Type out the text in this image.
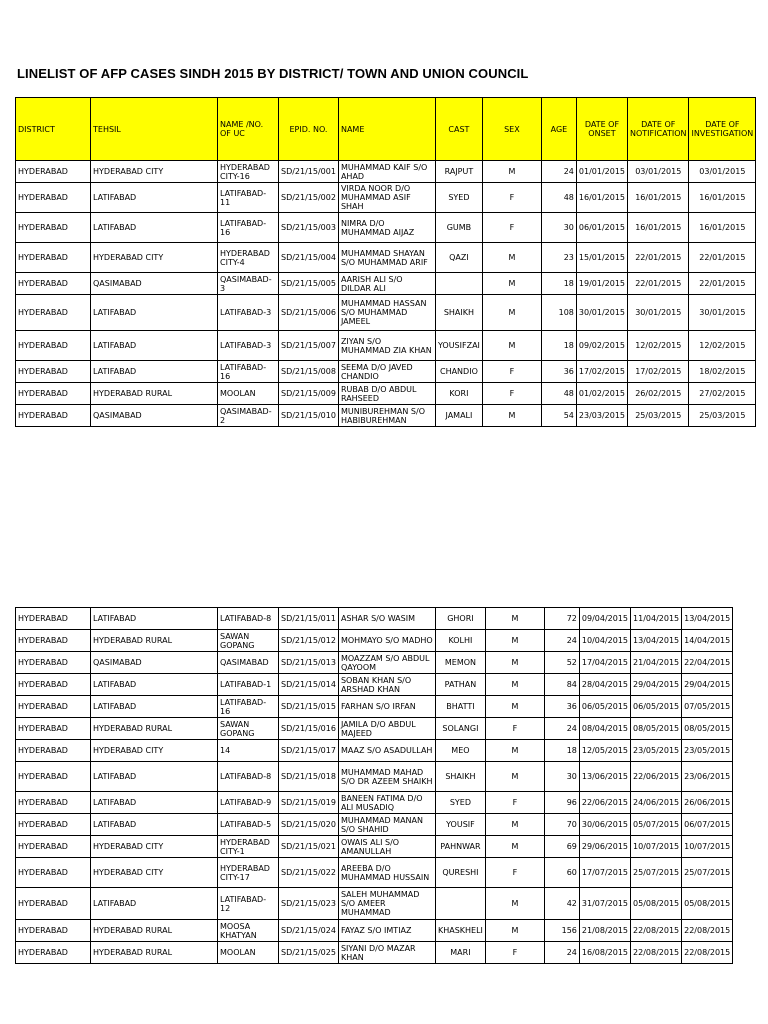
LINELIST OF AFP CASES SINDH 2015 BY DISTRICT/ TOWN AND UNION COUNCIL
DISTRICT	TEHSIL	NAME /NO. OF UC	EPID. NO.	NAME	CAST	SEX	AGE	DATE OF ONSET	DATE OF NOTIFICATION	DATE OF INVESTIGATION
HYDERABAD	HYDERABAD CITY	HYDERABAD CITY-16	SD/21/15/001	MUHAMMAD KAIF S/O AHAD	RAJPUT	M	24	01/01/2015	03/01/2015	03/01/2015
HYDERABAD	LATIFABAD	LATIFABAD-11	SD/21/15/002	VIRDA NOOR D/O MUHAMMAD ASIF SHAH	SYED	F	48	16/01/2015	16/01/2015	16/01/2015
HYDERABAD	LATIFABAD	LATIFABAD-16	SD/21/15/003	NIMRA D/O MUHAMMAD AIJAZ	GUMB	F	30	06/01/2015	16/01/2015	16/01/2015
HYDERABAD	HYDERABAD CITY	HYDERABAD CITY-4	SD/21/15/004	MUHAMMAD SHAYAN S/O MUHAMMAD ARIF	QAZI	M	23	15/01/2015	22/01/2015	22/01/2015
HYDERABAD	QASIMABAD	QASIMABAD-3	SD/21/15/005	AARISH ALI S/O DILDAR ALI		M	18	19/01/2015	22/01/2015	22/01/2015
HYDERABAD	LATIFABAD	LATIFABAD-3	SD/21/15/006	MUHAMMAD HASSAN S/O MUHAMMAD JAMEEL	SHAIKH	M	108	30/01/2015	30/01/2015	30/01/2015
HYDERABAD	LATIFABAD	LATIFABAD-3	SD/21/15/007	ZIYAN S/O MUHAMMAD ZIA KHAN	YOUSIFZAI	M	18	09/02/2015	12/02/2015	12/02/2015
HYDERABAD	LATIFABAD	LATIFABAD-16	SD/21/15/008	SEEMA D/O JAVED CHANDIO	CHANDIO	F	36	17/02/2015	17/02/2015	18/02/2015
HYDERABAD	HYDERABAD RURAL	MOOLAN	SD/21/15/009	RUBAB D/O ABDUL RAHSEED	KORI	F	48	01/02/2015	26/02/2015	27/02/2015
HYDERABAD	QASIMABAD	QASIMABAD-2	SD/21/15/010	MUNIBUREHMAN S/O HABIBUREHMAN	JAMALI	M	54	23/03/2015	25/03/2015	25/03/2015
HYDERABAD	LATIFABAD	LATIFABAD-8	SD/21/15/011	ASHAR S/O WASIM	GHORI	M	72	09/04/2015	11/04/2015	13/04/2015
HYDERABAD	HYDERABAD RURAL	SAWAN GOPANG	SD/21/15/012	MOHMAYO S/O MADHO	KOLHI	M	24	10/04/2015	13/04/2015	14/04/2015
HYDERABAD	QASIMABAD	QASIMABAD	SD/21/15/013	MOAZZAM S/O ABDUL QAYOOM	MEMON	M	52	17/04/2015	21/04/2015	22/04/2015
HYDERABAD	LATIFABAD	LATIFABAD-1	SD/21/15/014	SOBAN KHAN S/O ARSHAD KHAN	PATHAN	M	84	28/04/2015	29/04/2015	29/04/2015
HYDERABAD	LATIFABAD	LATIFABAD-16	SD/21/15/015	FARHAN S/O IRFAN	BHATTI	M	36	06/05/2015	06/05/2015	07/05/2015
HYDERABAD	HYDERABAD RURAL	SAWAN GOPANG	SD/21/15/016	JAMILA D/O ABDUL MAJEED	SOLANGI	F	24	08/04/2015	08/05/2015	08/05/2015
HYDERABAD	HYDERABAD CITY	14	SD/21/15/017	MAAZ S/O ASADULLAH	MEO	M	18	12/05/2015	23/05/2015	23/05/2015
HYDERABAD	LATIFABAD	LATIFABAD-8	SD/21/15/018	MUHAMMAD MAHAD S/O DR AZEEM SHAIKH	SHAIKH	M	30	13/06/2015	22/06/2015	23/06/2015
HYDERABAD	LATIFABAD	LATIFABAD-9	SD/21/15/019	BANEEN FATIMA D/O ALI MUSADIQ	SYED	F	96	22/06/2015	24/06/2015	26/06/2015
HYDERABAD	LATIFABAD	LATIFABAD-5	SD/21/15/020	MUHAMMAD MANAN S/O SHAHID	YOUSIF	M	70	30/06/2015	05/07/2015	06/07/2015
HYDERABAD	HYDERABAD CITY	HYDERABAD CITY-1	SD/21/15/021	OWAIS ALI S/O AMANULLAH	PAHNWAR	M	69	29/06/2015	10/07/2015	10/07/2015
HYDERABAD	HYDERABAD CITY	HYDERABAD CITY-17	SD/21/15/022	AREEBA D/O MUHAMMAD HUSSAIN	QURESHI	F	60	17/07/2015	25/07/2015	25/07/2015
HYDERABAD	LATIFABAD	LATIFABAD-12	SD/21/15/023	SALEH MUHAMMAD S/O AMEER MUHAMMAD		M	42	31/07/2015	05/08/2015	05/08/2015
HYDERABAD	HYDERABAD RURAL	MOOSA KHATYAN	SD/21/15/024	FAYAZ S/O IMTIAZ	KHASKHELI	M	156	21/08/2015	22/08/2015	22/08/2015
HYDERABAD	HYDERABAD RURAL	MOOLAN	SD/21/15/025	SIYANI D/O MAZAR KHAN	MARI	F	24	16/08/2015	22/08/2015	22/08/2015
